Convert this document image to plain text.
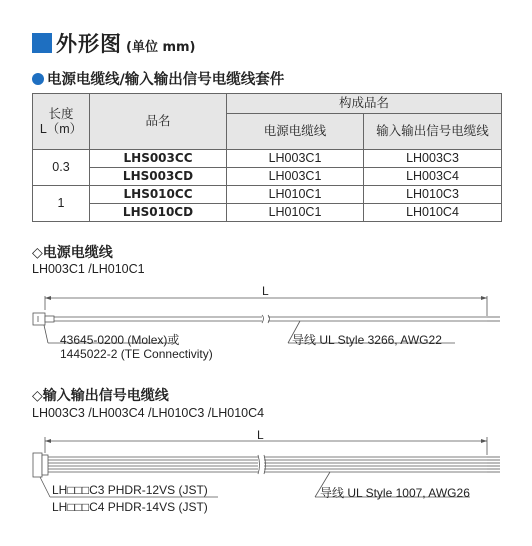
外形图 (单位 mm)
电源电缆线/输入输出信号电缆线套件
长度
L（m）	品名	构成品名	
		电源电缆线	输入输出信号电缆线
0.3	LHS003CC	LH003C1	LH003C3
	LHS003CD	LH003C1	LH003C4
1	LHS010CC	LH010C1	LH010C3
	LHS010CD	LH010C1	LH010C4
◇电源电缆线
LH003C1 /LH010C1
L
43645-0200 (Molex)或
1445022-2 (TE Connectivity)
导线 UL Style 3266, AWG22
◇输入输出信号电缆线
LH003C3 /LH003C4 /LH010C3 /LH010C4
L
LH□□□C3 PHDR-12VS (JST)
LH□□□C4 PHDR-14VS (JST)
导线 UL Style 1007, AWG26
